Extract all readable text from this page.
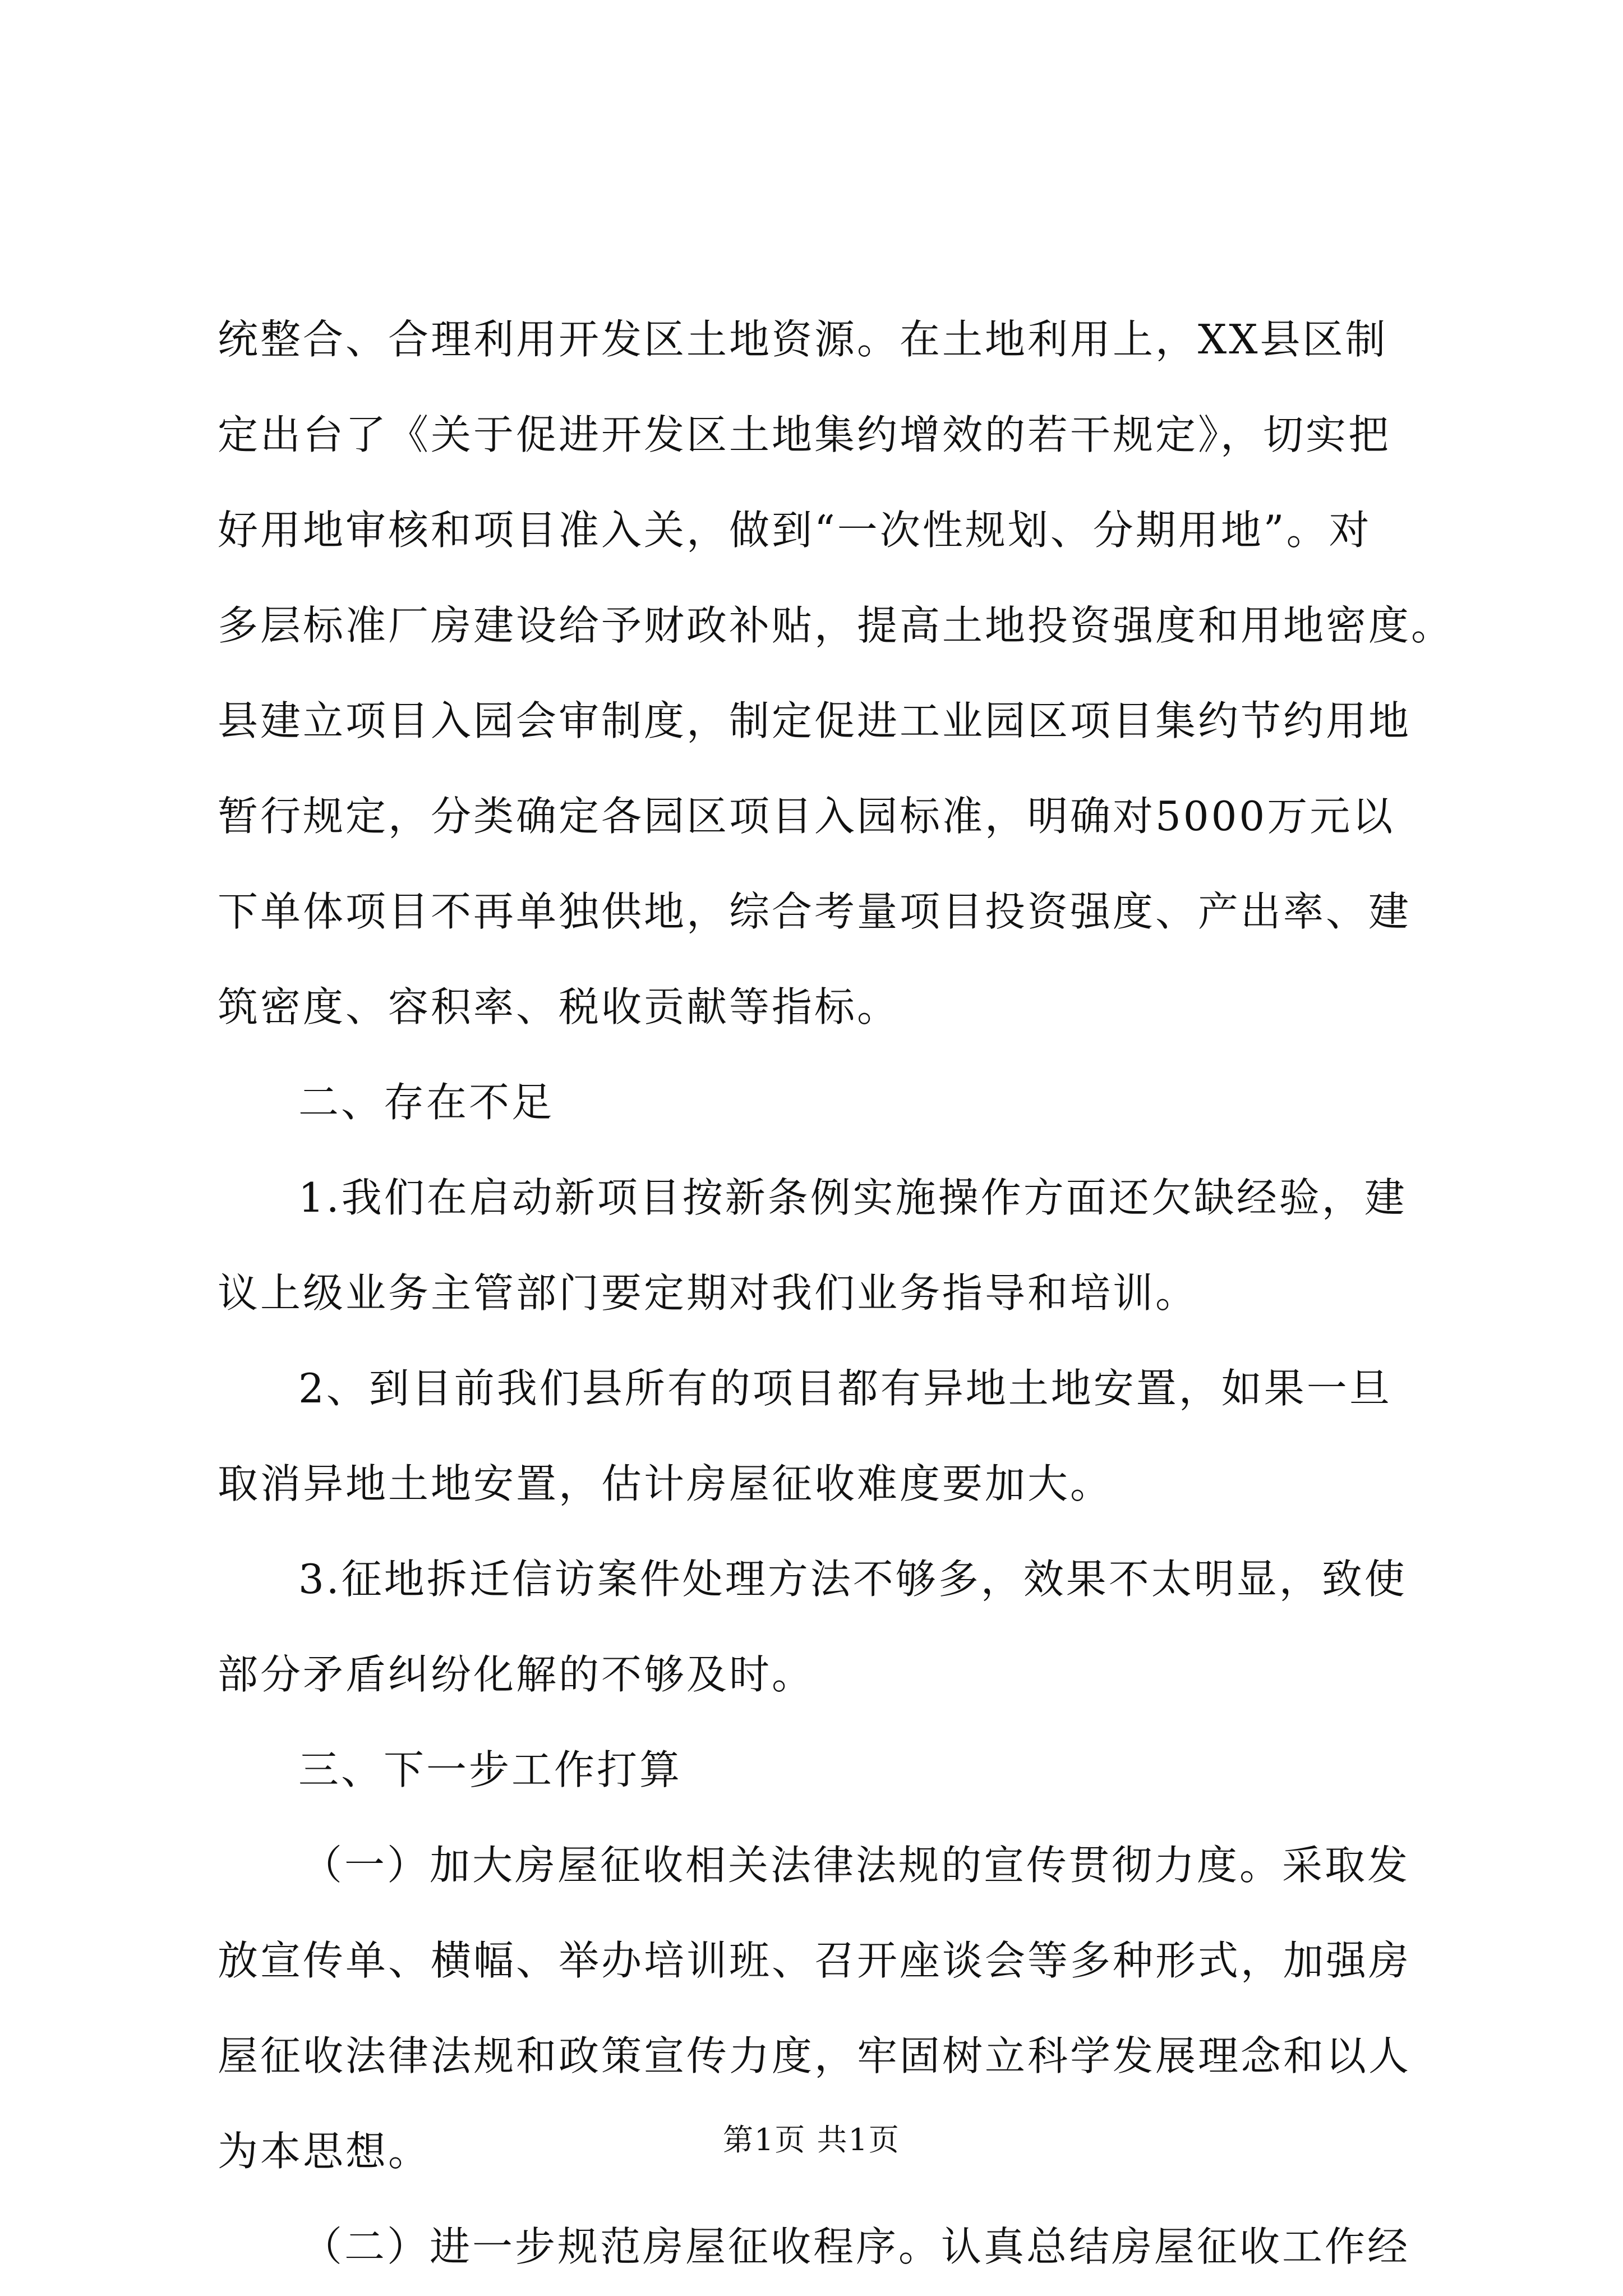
统整合、合理利用开发区土地资源。在土地利用上，XX县区制
定出台了《关于促进开发区土地集约增效的若干规定》，切实把
好用地审核和项目准入关，做到“一次性规划、分期用地”。对
多层标准厂房建设给予财政补贴，提高土地投资强度和用地密度。
县建立项目入园会审制度，制定促进工业园区项目集约节约用地
暂行规定，分类确定各园区项目入园标准，明确对5000万元以
下单体项目不再单独供地，综合考量项目投资强度、产出率、建
筑密度、容积率、税收贡献等指标。
二、存在不足
1.我们在启动新项目按新条例实施操作方面还欠缺经验，建
议上级业务主管部门要定期对我们业务指导和培训。
2、到目前我们县所有的项目都有异地土地安置，如果一旦
取消异地土地安置，估计房屋征收难度要加大。
3.征地拆迁信访案件处理方法不够多，效果不太明显，致使
部分矛盾纠纷化解的不够及时。
三、下一步工作打算
（一）加大房屋征收相关法律法规的宣传贯彻力度。采取发
放宣传单、横幅、举办培训班、召开座谈会等多种形式，加强房
屋征收法律法规和政策宣传力度，牢固树立科学发展理念和以人
为本思想。
（二）进一步规范房屋征收程序。认真总结房屋征收工作经
第1页 共1页
